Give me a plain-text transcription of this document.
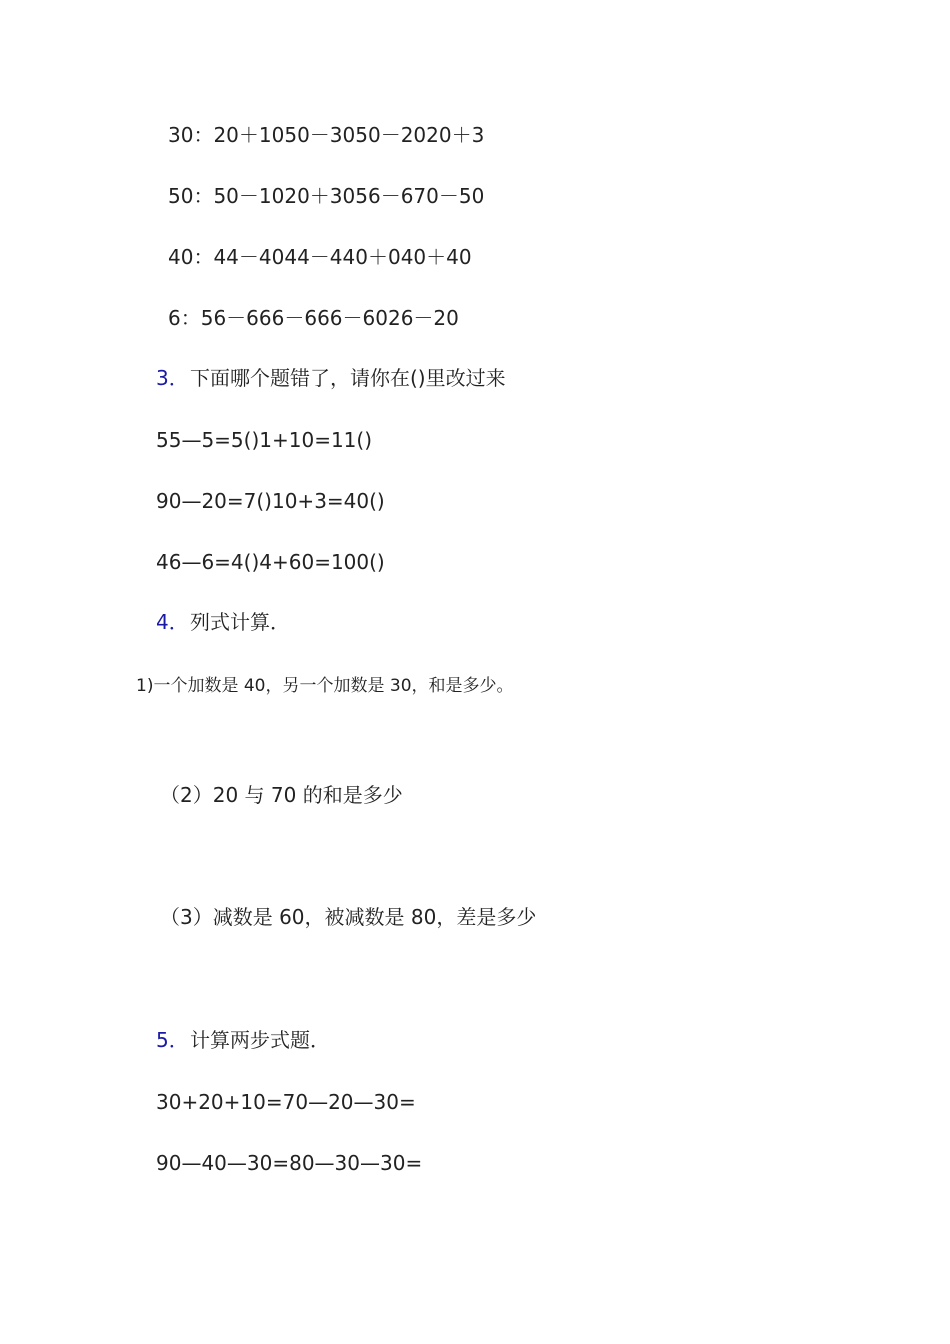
30：20＋1050－3050－2020＋3
50：50－1020＋3056－670－50
40：44－4044－440＋040＋40
6：56－666－666－6026－20
3．下面哪个题错了，请你在()里改过来
55—5=5()1+10=11()
90—20=7()10+3=40()
46—6=4()4+60=100()
4．列式计算．
1)一个加数是 40，另一个加数是 30，和是多少。
（2）20 与 70 的和是多少
（3）减数是 60，被减数是 80，差是多少
5．计算两步式题．
30+20+10=70—20—30=
90—40—30=80—30—30=
